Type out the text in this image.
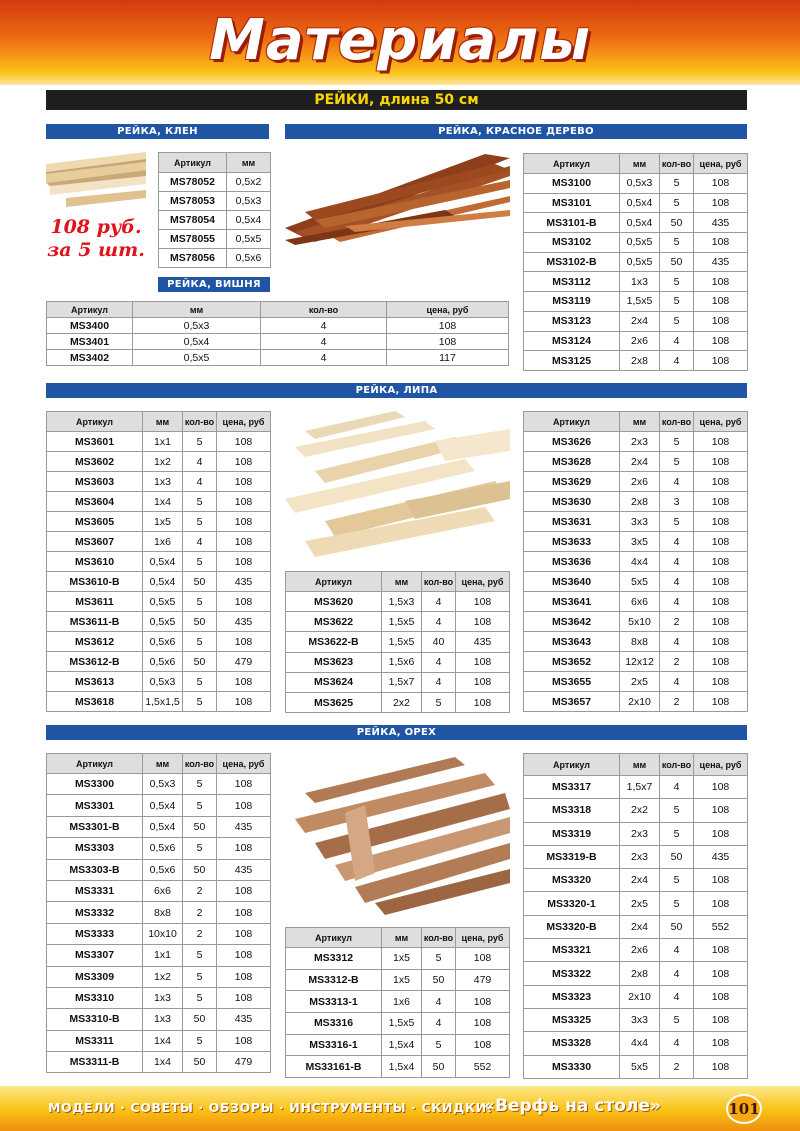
Материалы
РЕЙКИ, длина 50 см
РЕЙКА, КЛЕН
108 руб.
за 5 шт.
Артикул	мм
MS78052	0,5x2
MS78053	0,5x3
MS78054	0,5x4
MS78055	0,5x5
MS78056	0,5x6
РЕЙКА, ВИШНЯ
Артикул	мм	кол-во	цена, руб
MS3400	0,5x3	4	108
MS3401	0,5x4	4	108
MS3402	0,5x5	4	117
РЕЙКА, КРАСНОЕ ДЕРЕВО
Артикул	мм	кол-во	цена, руб
MS3100	0,5x3	5	108
MS3101	0,5x4	5	108
MS3101-B	0,5x4	50	435
MS3102	0,5x5	5	108
MS3102-B	0,5x5	50	435
MS3112	1x3	5	108
MS3119	1,5x5	5	108
MS3123	2x4	5	108
MS3124	2x6	4	108
MS3125	2x8	4	108
РЕЙКА, ЛИПА
Артикул	мм	кол-во	цена, руб
MS3601	1x1	5	108
MS3602	1x2	4	108
MS3603	1x3	4	108
MS3604	1x4	5	108
MS3605	1x5	5	108
MS3607	1x6	4	108
MS3610	0,5x4	5	108
MS3610-B	0,5x4	50	435
MS3611	0,5x5	5	108
MS3611-B	0,5x5	50	435
MS3612	0,5x6	5	108
MS3612-B	0,5x6	50	479
MS3613	0,5x3	5	108
MS3618	1,5x1,5	5	108
Артикул	мм	кол-во	цена, руб
MS3620	1,5x3	4	108
MS3622	1,5x5	4	108
MS3622-B	1,5x5	40	435
MS3623	1,5x6	4	108
MS3624	1,5x7	4	108
MS3625	2x2	5	108
Артикул	мм	кол-во	цена, руб
MS3626	2x3	5	108
MS3628	2x4	5	108
MS3629	2x6	4	108
MS3630	2x8	3	108
MS3631	3x3	5	108
MS3633	3x5	4	108
MS3636	4x4	4	108
MS3640	5x5	4	108
MS3641	6x6	4	108
MS3642	5x10	2	108
MS3643	8x8	4	108
MS3652	12x12	2	108
MS3655	2x5	4	108
MS3657	2x10	2	108
РЕЙКА, ОРЕХ
Артикул	мм	кол-во	цена, руб
MS3300	0,5x3	5	108
MS3301	0,5x4	5	108
MS3301-B	0,5x4	50	435
MS3303	0,5x6	5	108
MS3303-B	0,5x6	50	435
MS3331	6x6	2	108
MS3332	8x8	2	108
MS3333	10x10	2	108
MS3307	1x1	5	108
MS3309	1x2	5	108
MS3310	1x3	5	108
MS3310-B	1x3	50	435
MS3311	1x4	5	108
MS3311-B	1x4	50	479
Артикул	мм	кол-во	цена, руб
MS3312	1x5	5	108
MS3312-B	1x5	50	479
MS3313-1	1x6	4	108
MS3316	1,5x5	4	108
MS3316-1	1,5x4	5	108
MS33161-B	1,5x4	50	552
Артикул	мм	кол-во	цена, руб
MS3317	1,5x7	4	108
MS3318	2x2	5	108
MS3319	2x3	5	108
MS3319-B	2x3	50	435
MS3320	2x4	5	108
MS3320-1	2x5	5	108
MS3320-B	2x4	50	552
MS3321	2x6	4	108
MS3322	2x8	4	108
MS3323	2x10	4	108
MS3325	3x3	5	108
MS3328	4x4	4	108
MS3330	5x5	2	108
МОДЕЛИ · СОВЕТЫ · ОБЗОРЫ · ИНСТРУМЕНТЫ · СКИДКИ!
«Верфь на столе»	101
